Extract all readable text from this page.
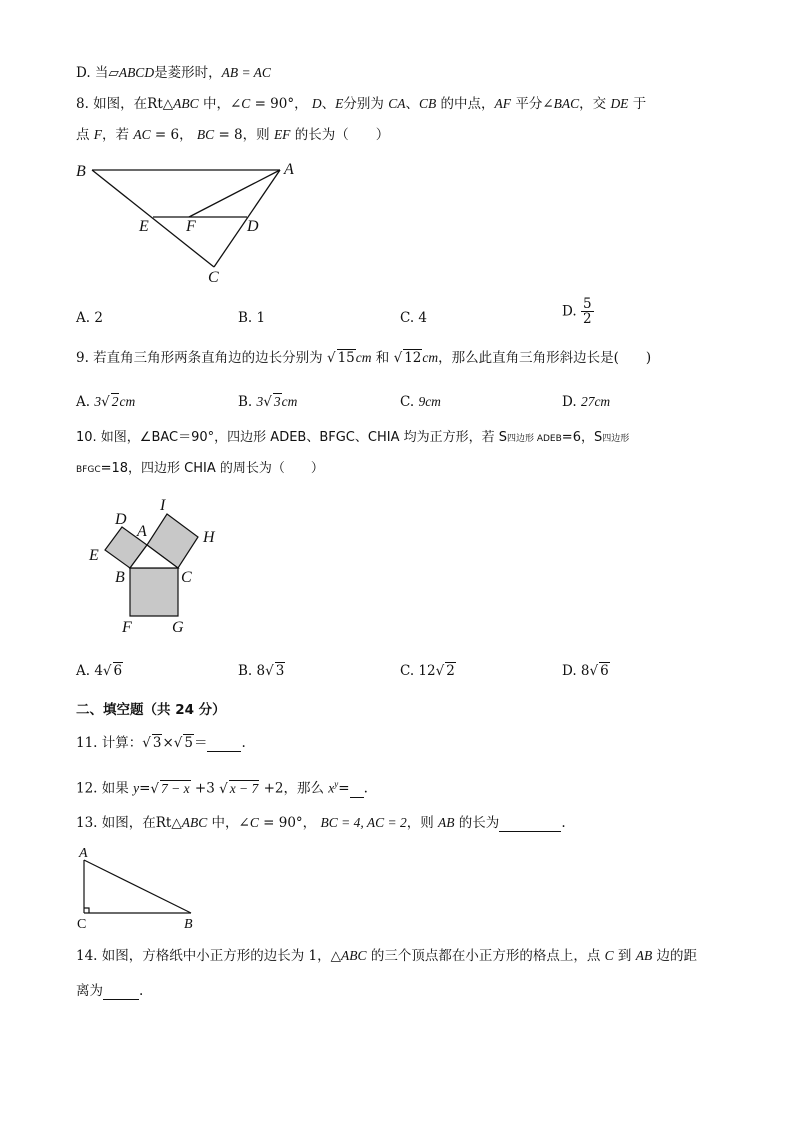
D. 当▱ABCD是菱形时，AB = AC
8. 如图，在Rt△ABC 中，∠C = 90°， D、E分别为 CA、CB 的中点，AF 平分∠BAC，交 DE 于
点 F，若 AC = 6， BC = 8，则 EF 的长为（　　）
B	A
E F	D
C
A. 2	B. 1	C. 4	D. $\frac{5}{2}$
9. 若直角三角形两条直角边的边长分别为 √ 15cm 和 √ 12cm，那么此直角三角形斜边长是(　　)
A. 3√ 2cm	B. 3√ 3cm	C. 9cm	D. 27cm
10. 如图，∠BAC＝90°，四边形 ADEB、BFGC、CHIA 均为正方形，若 S四边形 ADEB=6，S四边形
BFGC=18，四边形 CHIA 的周长为（　　）
I
D
A	H
E
B	C
F	G
A. 4√ 6	B. 8√ 3	C. 12√ 2	D. 8√ 6
二、填空题（共 24 分）
11. 计算：√ 3×√ 5＝	.
12. 如果 y=√ 7 − x +3 √ x − 7 +2，那么 $x^y=$ .
13. 如图，在Rt△ABC 中，∠C = 90°， BC = 4, AC = 2，则 AB 的长为	.
A
C	B
14. 如图，方格纸中小正方形的边长为 1，△ABC 的三个顶点都在小正方形的格点上，点 C 到 AB 边的距
离为	.
